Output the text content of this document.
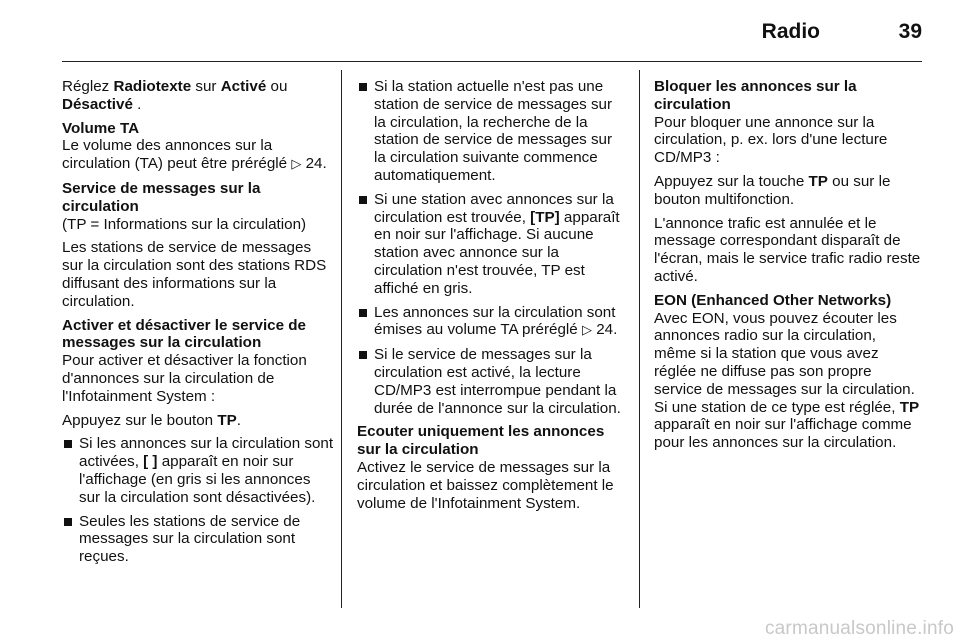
Radio	39

Réglez Radiotexte sur Activé ou Désactivé .

Volume TA

Le volume des annonces sur la circulation (TA) peut être préréglé ▷ 24.

Service de messages sur la circulation

(TP = Informations sur la circulation)

Les stations de service de messages sur la circulation sont des stations RDS diffusant des informations sur la circulation.

Activer et désactiver le service de messages sur la circulation

Pour activer et désactiver la fonction d'annonces sur la circulation de l'Infotainment System :

Appuyez sur le bouton TP.

Si les annonces sur la circulation sont activées, [ ] apparaît en noir sur l'affichage (en gris si les annonces sur la circulation sont désactivées).
Seules les stations de service de messages sur la circulation sont reçues.
Si la station actuelle n'est pas une station de service de messages sur la circulation, la recherche de la station de service de messages sur la circulation suivante commence automatiquement.
Si une station avec annonces sur la circulation est trouvée, [TP] apparaît en noir sur l'affichage. Si aucune station avec annonce sur la circulation n'est trouvée, TP est affiché en gris.
Les annonces sur la circulation sont émises au volume TA préréglé ▷ 24.
Si le service de messages sur la circulation est activé, la lecture CD/MP3 est interrompue pendant la durée de l'annonce sur la circulation.
Ecouter uniquement les annonces sur la circulation

Activez le service de messages sur la circulation et baissez complètement le volume de l'Infotainment System.

Bloquer les annonces sur la circulation

Pour bloquer une annonce sur la circulation, p. ex. lors d'une lecture CD/MP3 :

Appuyez sur la touche TP ou sur le bouton multifonction.

L'annonce trafic est annulée et le message correspondant disparaît de l'écran, mais le service trafic radio reste activé.

EON (Enhanced Other Networks)

Avec EON, vous pouvez écouter les annonces radio sur la circulation, même si la station que vous avez réglée ne diffuse pas son propre service de messages sur la circulation. Si une station de ce type est réglée, TP apparaît en noir sur l'affichage comme pour les annonces sur la circulation.

carmanualsonline.info
